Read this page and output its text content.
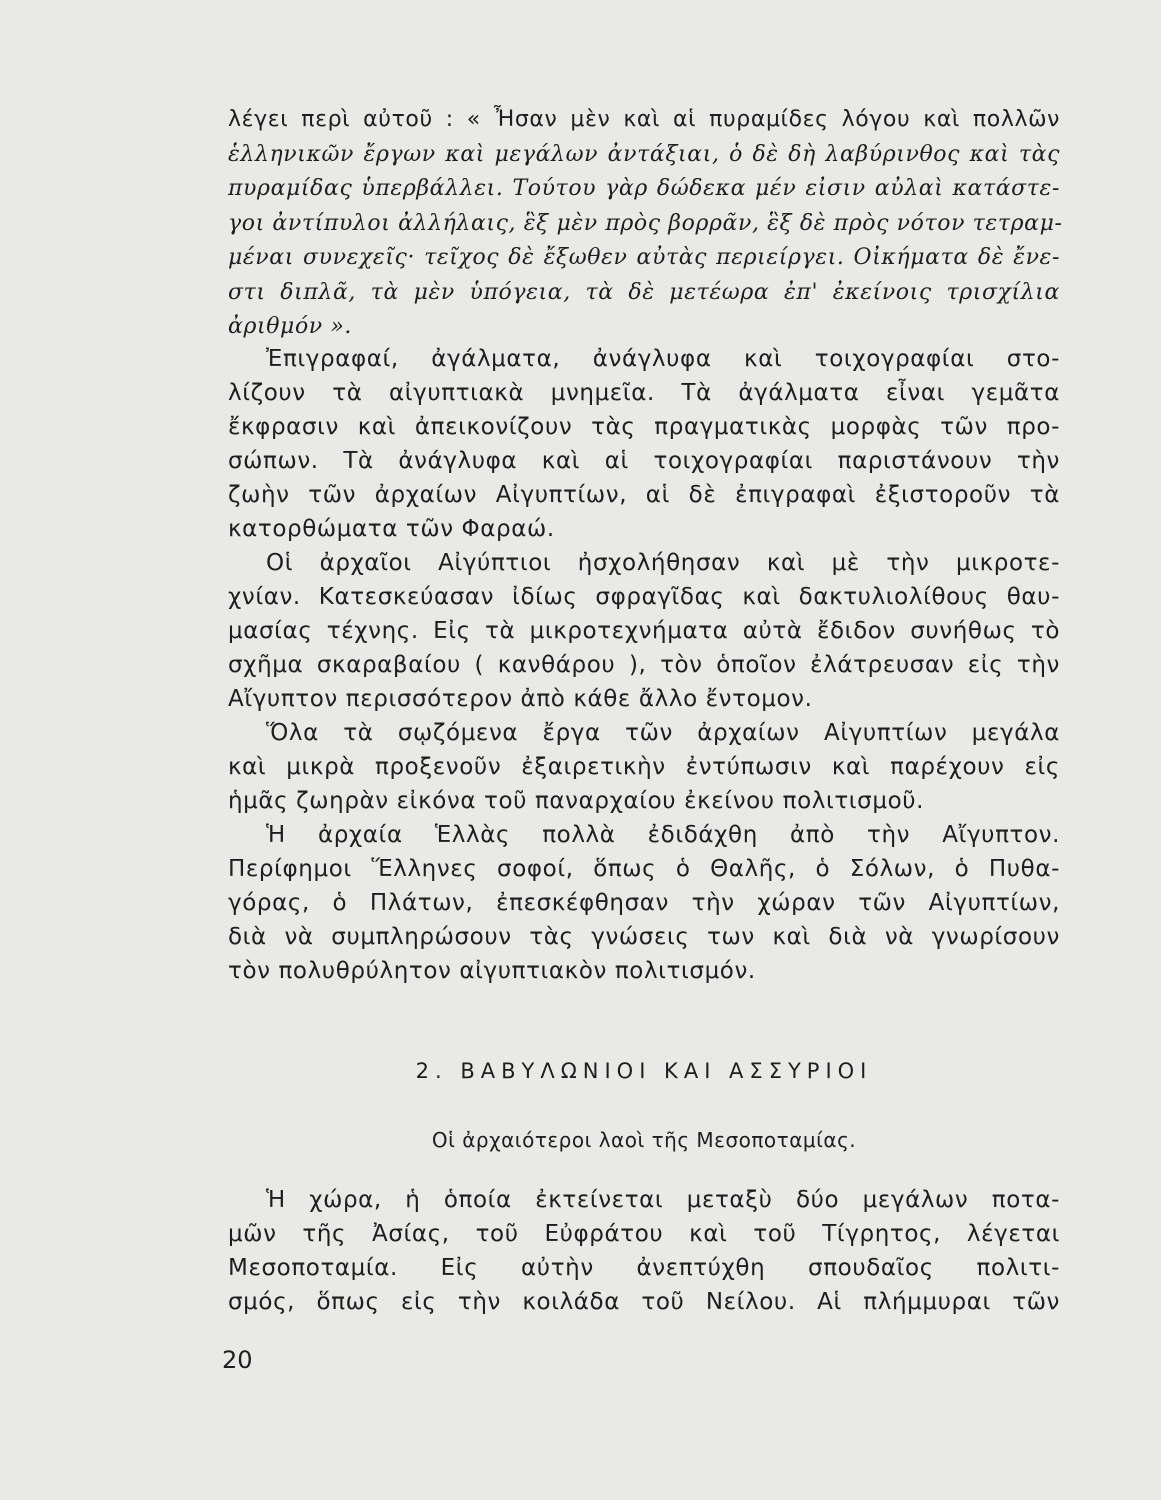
λέγει περὶ αὐτοῦ : « Ἦσαν μὲν καὶ αἱ πυραμίδες λόγου καὶ πολλῶν
ἑλληνικῶν ἔργων καὶ μεγάλων ἀντάξιαι, ὁ δὲ δὴ λαβύρινθος καὶ τὰς
πυραμίδας ὑπερβάλλει. Τούτου γὰρ δώδεκα μέν εἰσιν αὐλαὶ κατάστε-
γοι ἀντίπυλοι ἀλλήλαις, ἓξ μὲν πρὸς βορρᾶν, ἓξ δὲ πρὸς νότον τετραμ-
μέναι συνεχεῖς· τεῖχος δὲ ἔξωθεν αὐτὰς περιείργει. Οἰκήματα δὲ ἔνε-
στι διπλᾶ, τὰ μὲν ὑπόγεια, τὰ δὲ μετέωρα ἐπ' ἐκείνοις τρισχίλια
ἀριθμόν ».
Ἐπιγραφαί, ἀγάλματα, ἀνάγλυφα καὶ τοιχογραφίαι στο-
λίζουν τὰ αἰγυπτιακὰ μνημεῖα. Τὰ ἀγάλματα εἶναι γεμᾶτα
ἔκφρασιν καὶ ἀπεικονίζουν τὰς πραγματικὰς μορφὰς τῶν προ-
σώπων. Τὰ ἀνάγλυφα καὶ αἱ τοιχογραφίαι παριστάνουν τὴν
ζωὴν τῶν ἀρχαίων Αἰγυπτίων, αἱ δὲ ἐπιγραφαὶ ἐξιστοροῦν τὰ
κατορθώματα τῶν Φαραώ.
Οἱ ἀρχαῖοι Αἰγύπτιοι ἠσχολήθησαν καὶ μὲ τὴν μικροτε-
χνίαν. Κατεσκεύασαν ἰδίως σφραγῖδας καὶ δακτυλιολίθους θαυ-
μασίας τέχνης. Εἰς τὰ μικροτεχνήματα αὐτὰ ἔδιδον συνήθως τὸ
σχῆμα σκαραβαίου ( κανθάρου ), τὸν ὁποῖον ἐλάτρευσαν εἰς τὴν
Αἴγυπτον περισσότερον ἀπὸ κάθε ἄλλο ἔντομον.
Ὅλα τὰ σῳζόμενα ἔργα τῶν ἀρχαίων Αἰγυπτίων μεγάλα
καὶ μικρὰ προξενοῦν ἐξαιρετικὴν ἐντύπωσιν καὶ παρέχουν εἰς
ἡμᾶς ζωηρὰν εἰκόνα τοῦ παναρχαίου ἐκείνου πολιτισμοῦ.
Ἡ ἀρχαία Ἑλλὰς πολλὰ ἐδιδάχθη ἀπὸ τὴν Αἴγυπτον.
Περίφημοι Ἕλληνες σοφοί, ὅπως ὁ Θαλῆς, ὁ Σόλων, ὁ Πυθα-
γόρας, ὁ Πλάτων, ἐπεσκέφθησαν τὴν χώραν τῶν Αἰγυπτίων,
διὰ νὰ συμπληρώσουν τὰς γνώσεις των καὶ διὰ νὰ γνωρίσουν
τὸν πολυθρύλητον αἰγυπτιακὸν πολιτισμόν.
2. ΒΑΒΥΛΩΝΙΟΙ ΚΑΙ ΑΣΣΥΡΙΟΙ
Οἱ ἀρχαιότεροι λαοὶ τῆς Μεσοποταμίας.
Ἡ χώρα, ἡ ὁποία ἐκτείνεται μεταξὺ δύο μεγάλων ποτα-
μῶν τῆς Ἀσίας, τοῦ Εὐφράτου καὶ τοῦ Τίγρητος, λέγεται
Μεσοποταμία. Εἰς αὐτὴν ἀνεπτύχθη σπουδαῖος πολιτι-
σμός, ὅπως εἰς τὴν κοιλάδα τοῦ Νείλου. Αἱ πλήμμυραι τῶν
20
